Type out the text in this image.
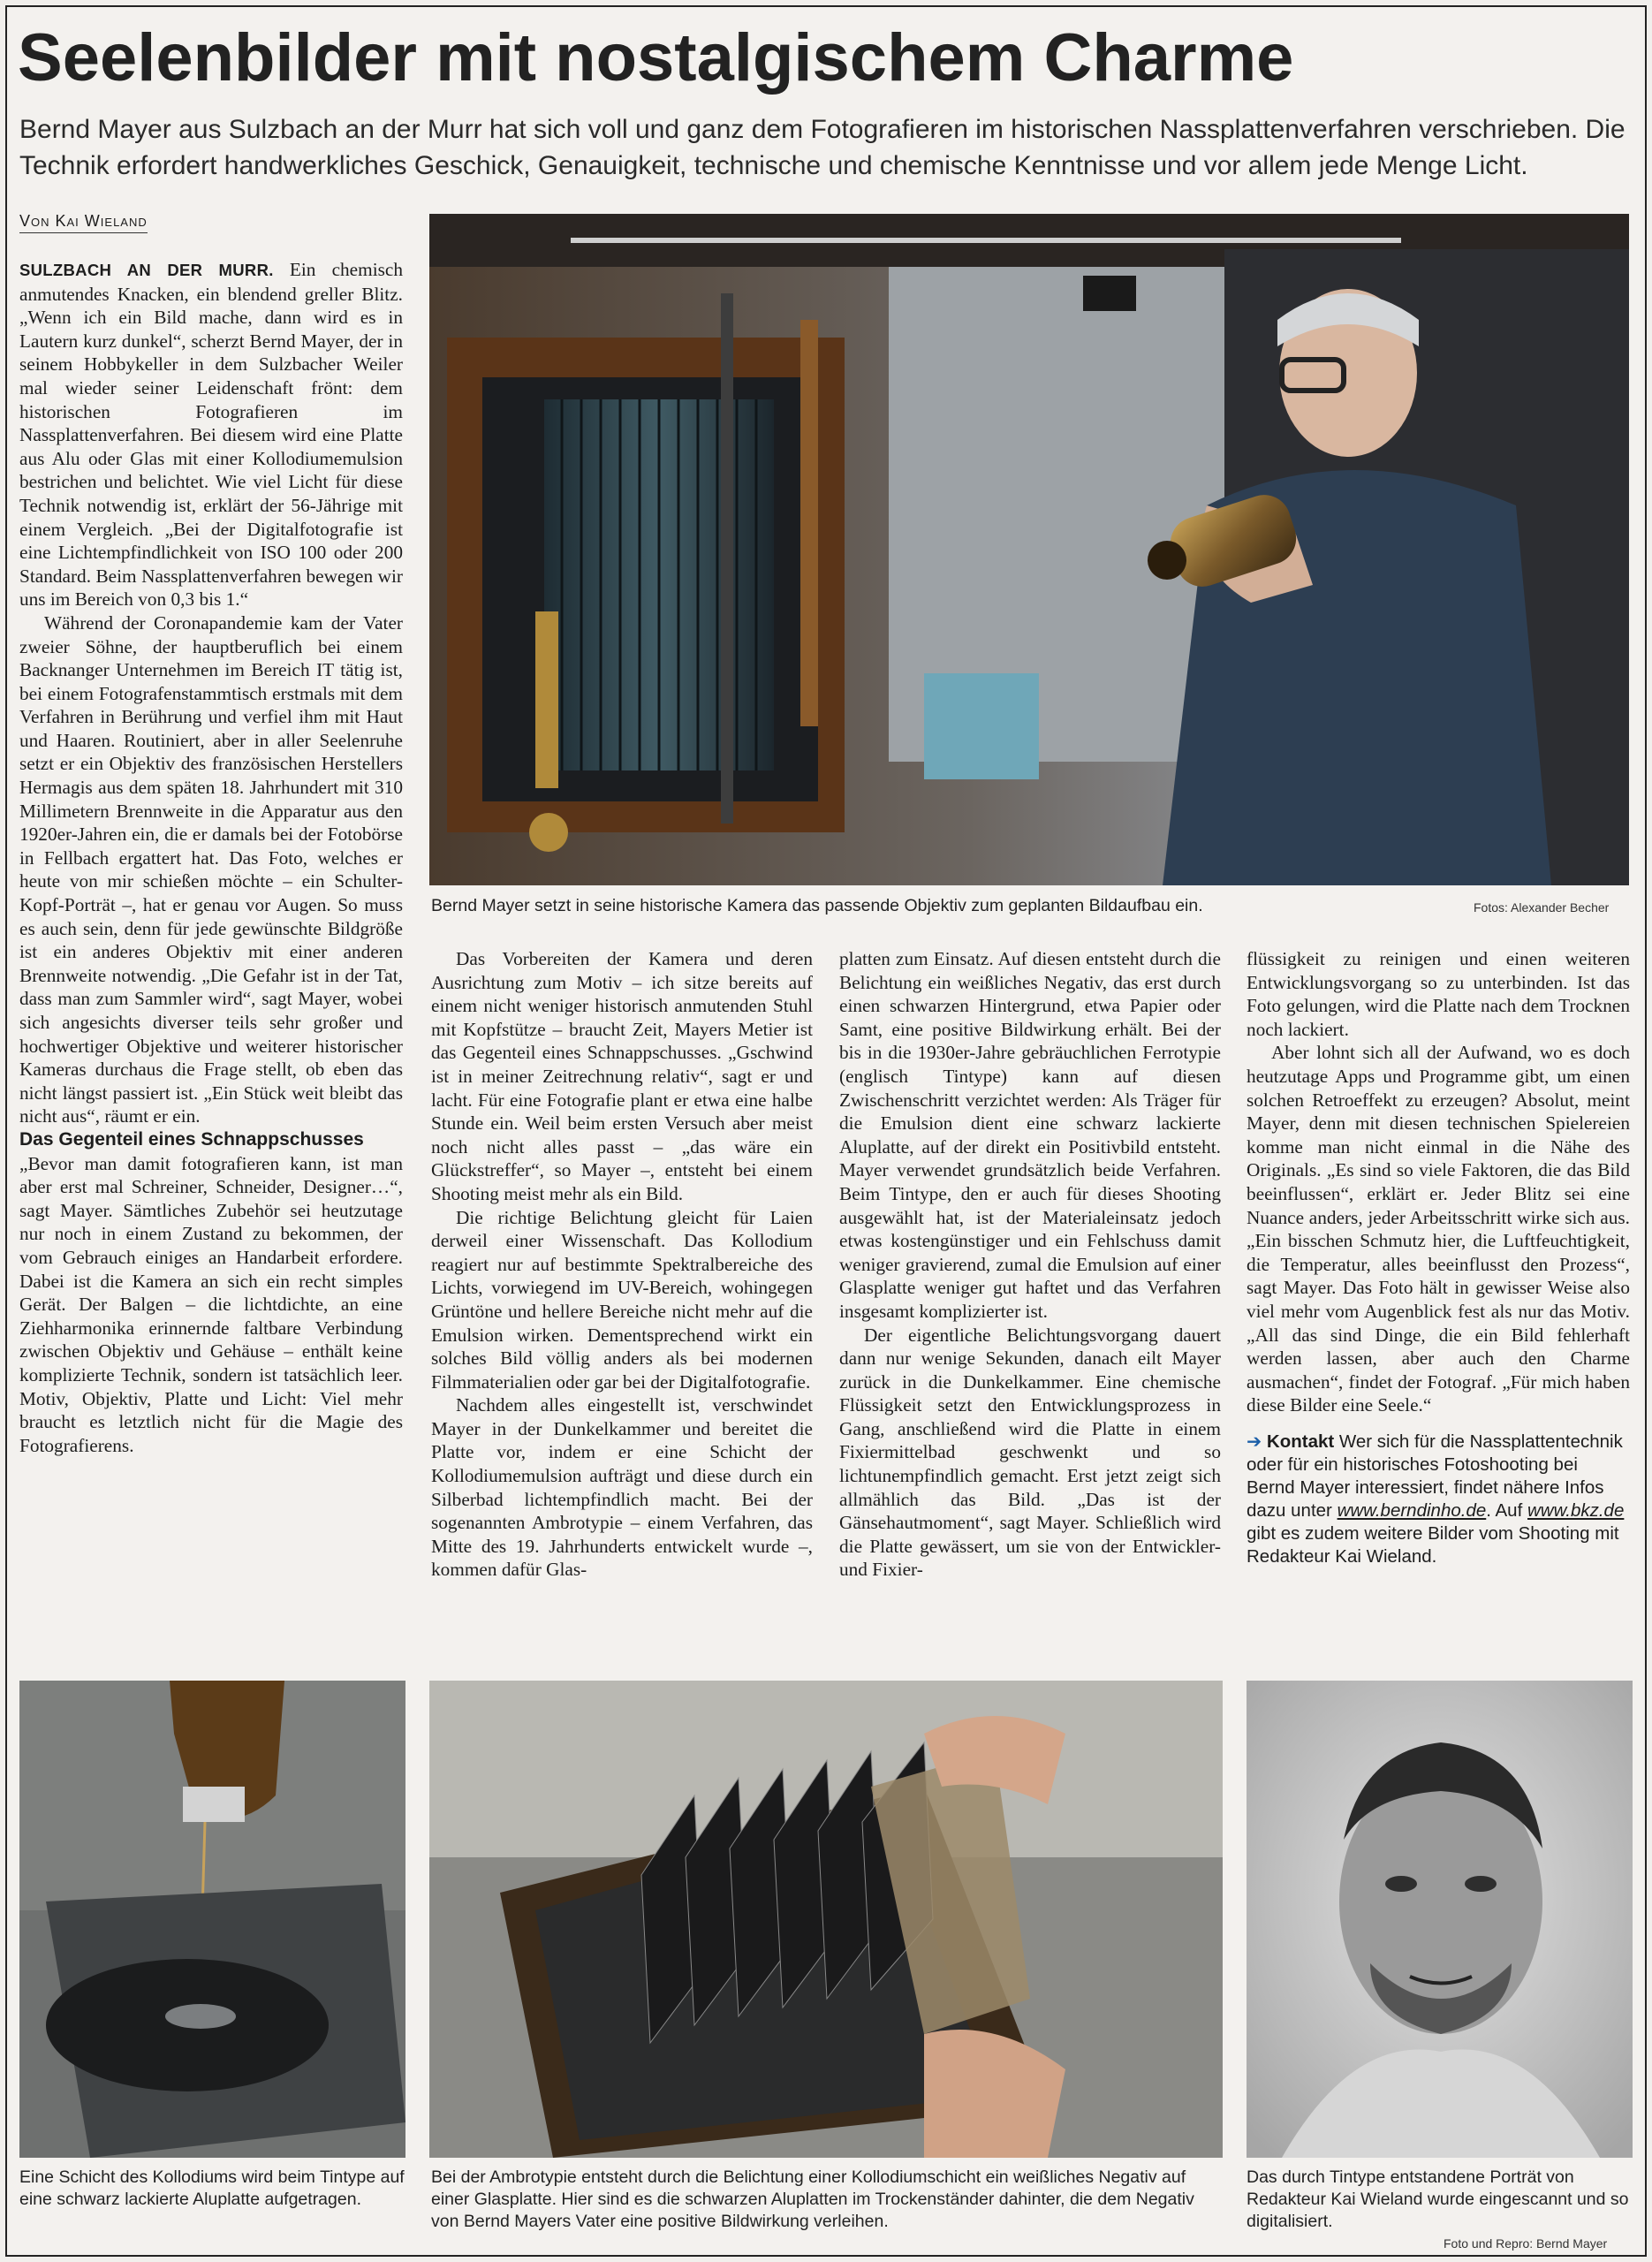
Seelenbilder mit nostalgischem Charme
Bernd Mayer aus Sulzbach an der Murr hat sich voll und ganz dem Fotografieren im historischen Nassplattenverfahren verschrieben. Die Technik erfordert handwerkliches Geschick, Genauigkeit, technische und chemische Kenntnisse und vor allem jede Menge Licht.
Von Kai Wieland

SULZBACH AN DER MURR. Ein chemisch anmutendes Knacken, ein blendend greller Blitz. „Wenn ich ein Bild mache, dann wird es in Lautern kurz dunkel“, scherzt Bernd Mayer, der in seinem Hobbykeller in dem Sulzbacher Weiler mal wieder seiner Leidenschaft frönt: dem historischen Fotografieren im Nassplattenverfahren. Bei diesem wird eine Platte aus Alu oder Glas mit einer Kollodiumemulsion bestrichen und belichtet. Wie viel Licht für diese Technik notwendig ist, erklärt der 56-Jährige mit einem Vergleich. „Bei der Digitalfotografie ist eine Lichtempfindlichkeit von ISO 100 oder 200 Standard. Beim Nassplattenverfahren bewegen wir uns im Bereich von 0,3 bis 1.“

Während der Coronapandemie kam der Vater zweier Söhne, der hauptberuflich bei einem Backnanger Unternehmen im Bereich IT tätig ist, bei einem Fotografenstammtisch erstmals mit dem Verfahren in Berührung und verfiel ihm mit Haut und Haaren. Routiniert, aber in aller Seelenruhe setzt er ein Objektiv des französischen Herstellers Hermagis aus dem späten 18. Jahrhundert mit 310 Millimetern Brennweite in die Apparatur aus den 1920er-Jahren ein, die er damals bei der Fotobörse in Fellbach ergattert hat. Das Foto, welches er heute von mir schießen möchte – ein Schulter-Kopf-Porträt –, hat er genau vor Augen. So muss es auch sein, denn für jede gewünschte Bildgröße ist ein anderes Objektiv mit einer anderen Brennweite notwendig. „Die Gefahr ist in der Tat, dass man zum Sammler wird“, sagt Mayer, wobei sich angesichts diverser teils sehr großer und hochwertiger Objektive und weiterer historischer Kameras durchaus die Frage stellt, ob eben das nicht längst passiert ist. „Ein Stück weit bleibt das nicht aus“, räumt er ein.

Das Gegenteil eines Schnappschusses

„Bevor man damit fotografieren kann, ist man aber erst mal Schreiner, Schneider, Designer…“, sagt Mayer. Sämtliches Zubehör sei heutzutage nur noch in einem Zustand zu bekommen, der vom Gebrauch einiges an Handarbeit erfordere. Dabei ist die Kamera an sich ein recht simples Gerät. Der Balgen – die lichtdichte, an eine Ziehharmonika erinnernde faltbare Verbindung zwischen Objektiv und Gehäuse – enthält keine komplizierte Technik, sondern ist tatsächlich leer. Motiv, Objektiv, Platte und Licht: Viel mehr braucht es letztlich nicht für die Magie des Fotografierens.

Bernd Mayer setzt in seine historische Kamera das passende Objektiv zum geplanten Bildaufbau ein.	Fotos: Alexander Becher

Das Vorbereiten der Kamera und deren Ausrichtung zum Motiv – ich sitze bereits auf einem nicht weniger historisch anmutenden Stuhl mit Kopfstütze – braucht Zeit, Mayers Metier ist das Gegenteil eines Schnappschusses. „Gschwind ist in meiner Zeitrechnung relativ“, sagt er und lacht. Für eine Fotografie plant er etwa eine halbe Stunde ein. Weil beim ersten Versuch aber meist noch nicht alles passt – „das wäre ein Glückstreffer“, so Mayer –, entsteht bei einem Shooting meist mehr als ein Bild.

Die richtige Belichtung gleicht für Laien derweil einer Wissenschaft. Das Kollodium reagiert nur auf bestimmte Spektralbereiche des Lichts, vorwiegend im UV-Bereich, wohingegen Grüntöne und hellere Bereiche nicht mehr auf die Emulsion wirken. Dementsprechend wirkt ein solches Bild völlig anders als bei modernen Filmmaterialien oder gar bei der Digitalfotografie.

Nachdem alles eingestellt ist, verschwindet Mayer in der Dunkelkammer und bereitet die Platte vor, indem er eine Schicht der Kollodiumemulsion aufträgt und diese durch ein Silberbad lichtempfindlich macht. Bei der sogenannten Ambrotypie – einem Verfahren, das Mitte des 19. Jahrhunderts entwickelt wurde –, kommen dafür Glas-

platten zum Einsatz. Auf diesen entsteht durch die Belichtung ein weißliches Negativ, das erst durch einen schwarzen Hintergrund, etwa Papier oder Samt, eine positive Bildwirkung erhält. Bei der bis in die 1930er-Jahre gebräuchlichen Ferrotypie (englisch Tintype) kann auf diesen Zwischenschritt verzichtet werden: Als Träger für die Emulsion dient eine schwarz lackierte Aluplatte, auf der direkt ein Positivbild entsteht. Mayer verwendet grundsätzlich beide Verfahren. Beim Tintype, den er auch für dieses Shooting ausgewählt hat, ist der Materialeinsatz jedoch etwas kostengünstiger und ein Fehlschuss damit weniger gravierend, zumal die Emulsion auf einer Glasplatte weniger gut haftet und das Verfahren insgesamt komplizierter ist.

Der eigentliche Belichtungsvorgang dauert dann nur wenige Sekunden, danach eilt Mayer zurück in die Dunkelkammer. Eine chemische Flüssigkeit setzt den Entwicklungsprozess in Gang, anschließend wird die Platte in einem Fixiermittelbad geschwenkt und so lichtunempfindlich gemacht. Erst jetzt zeigt sich allmählich das Bild. „Das ist der Gänsehautmoment“, sagt Mayer. Schließlich wird die Platte gewässert, um sie von der Entwickler- und Fixier-

flüssigkeit zu reinigen und einen weiteren Entwicklungsvorgang so zu unterbinden. Ist das Foto gelungen, wird die Platte nach dem Trocknen noch lackiert.

Aber lohnt sich all der Aufwand, wo es doch heutzutage Apps und Programme gibt, um einen solchen Retroeffekt zu erzeugen? Absolut, meint Mayer, denn mit diesen technischen Spielereien komme man nicht einmal in die Nähe des Originals. „Es sind so viele Faktoren, die das Bild beeinflussen“, erklärt er. Jeder Blitz sei eine Nuance anders, jeder Arbeitsschritt wirke sich aus. „Ein bisschen Schmutz hier, die Luftfeuchtigkeit, die Temperatur, alles beeinflusst den Prozess“, sagt Mayer. Das Foto hält in gewisser Weise also viel mehr vom Augenblick fest als nur das Motiv. „All das sind Dinge, die ein Bild fehlerhaft werden lassen, aber auch den Charme ausmachen“, findet der Fotograf. „Für mich haben diese Bilder eine Seele.“

➔ Kontakt Wer sich für die Nassplattentechnik oder für ein historisches Fotoshooting bei Bernd Mayer interessiert, findet nähere Infos dazu unter www.berndinho.de. Auf www.bkz.de gibt es zudem weitere Bilder vom Shooting mit Redakteur Kai Wieland.

Eine Schicht des Kollodiums wird beim Tintype auf eine schwarz lackierte Aluplatte aufgetragen.
Bei der Ambrotypie entsteht durch die Belichtung einer Kollodiumschicht ein weißliches Negativ auf einer Glasplatte. Hier sind es die schwarzen Aluplatten im Trockenständer dahinter, die dem Negativ von Bernd Mayers Vater eine positive Bildwirkung verleihen.
Das durch Tintype entstandene Porträt von Redakteur Kai Wieland wurde eingescannt und so digitalisiert.
Foto und Repro: Bernd Mayer
